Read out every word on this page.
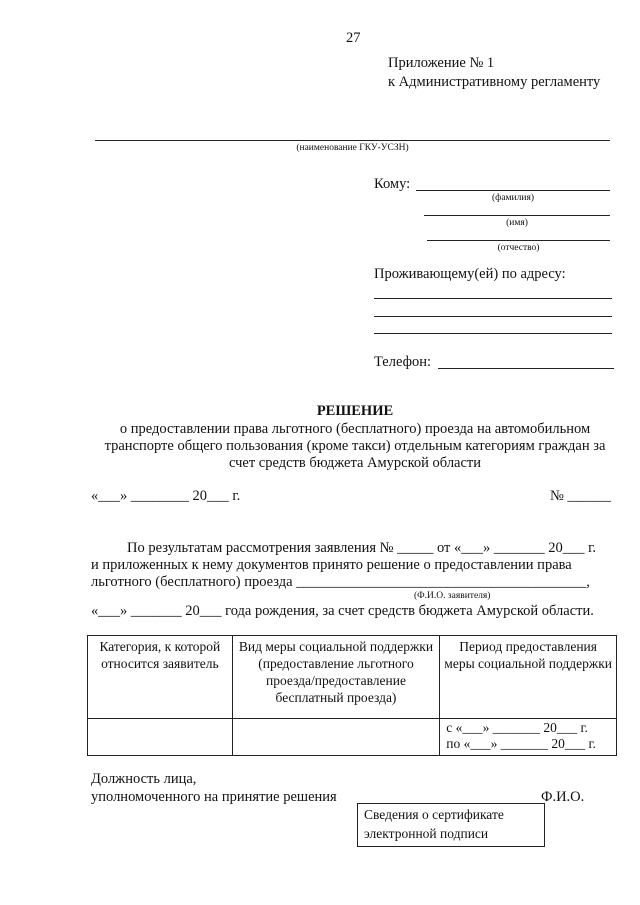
27
Приложение № 1
к Административному регламенту
(наименование ГКУ-УСЗН)
Кому:
(фамилия)
(имя)
(отчество)
Проживающему(ей) по адресу:
Телефон:
РЕШЕНИЕ
о предоставлении права льготного (бесплатного) проезда на автомобильном
транспорте общего пользования (кроме такси) отдельным категориям граждан за
счет средств бюджета Амурской области
«___» ________ 20___ г.	№ ______
По результатам рассмотрения заявления № _____ от «___» _______ 20___ г.
и приложенных к нему документов принято решение о предоставлении права
льготного (бесплатного) проезда ________________________________________,
(Ф.И.О. заявителя)
«___» _______ 20___ года рождения, за счет средств бюджета Амурской области.
Категория, к которой относится заявитель	Вид меры социальной поддержки (предоставление льготного проезда/предоставление бесплатный проезда)	Период предоставления меры социальной поддержки

		с «___» _______ 20___ г.
по «___» _______ 20___ г.
Должность лица,
уполномоченного на принятие решения	Ф.И.О.
Сведения о сертификате
электронной подписи
